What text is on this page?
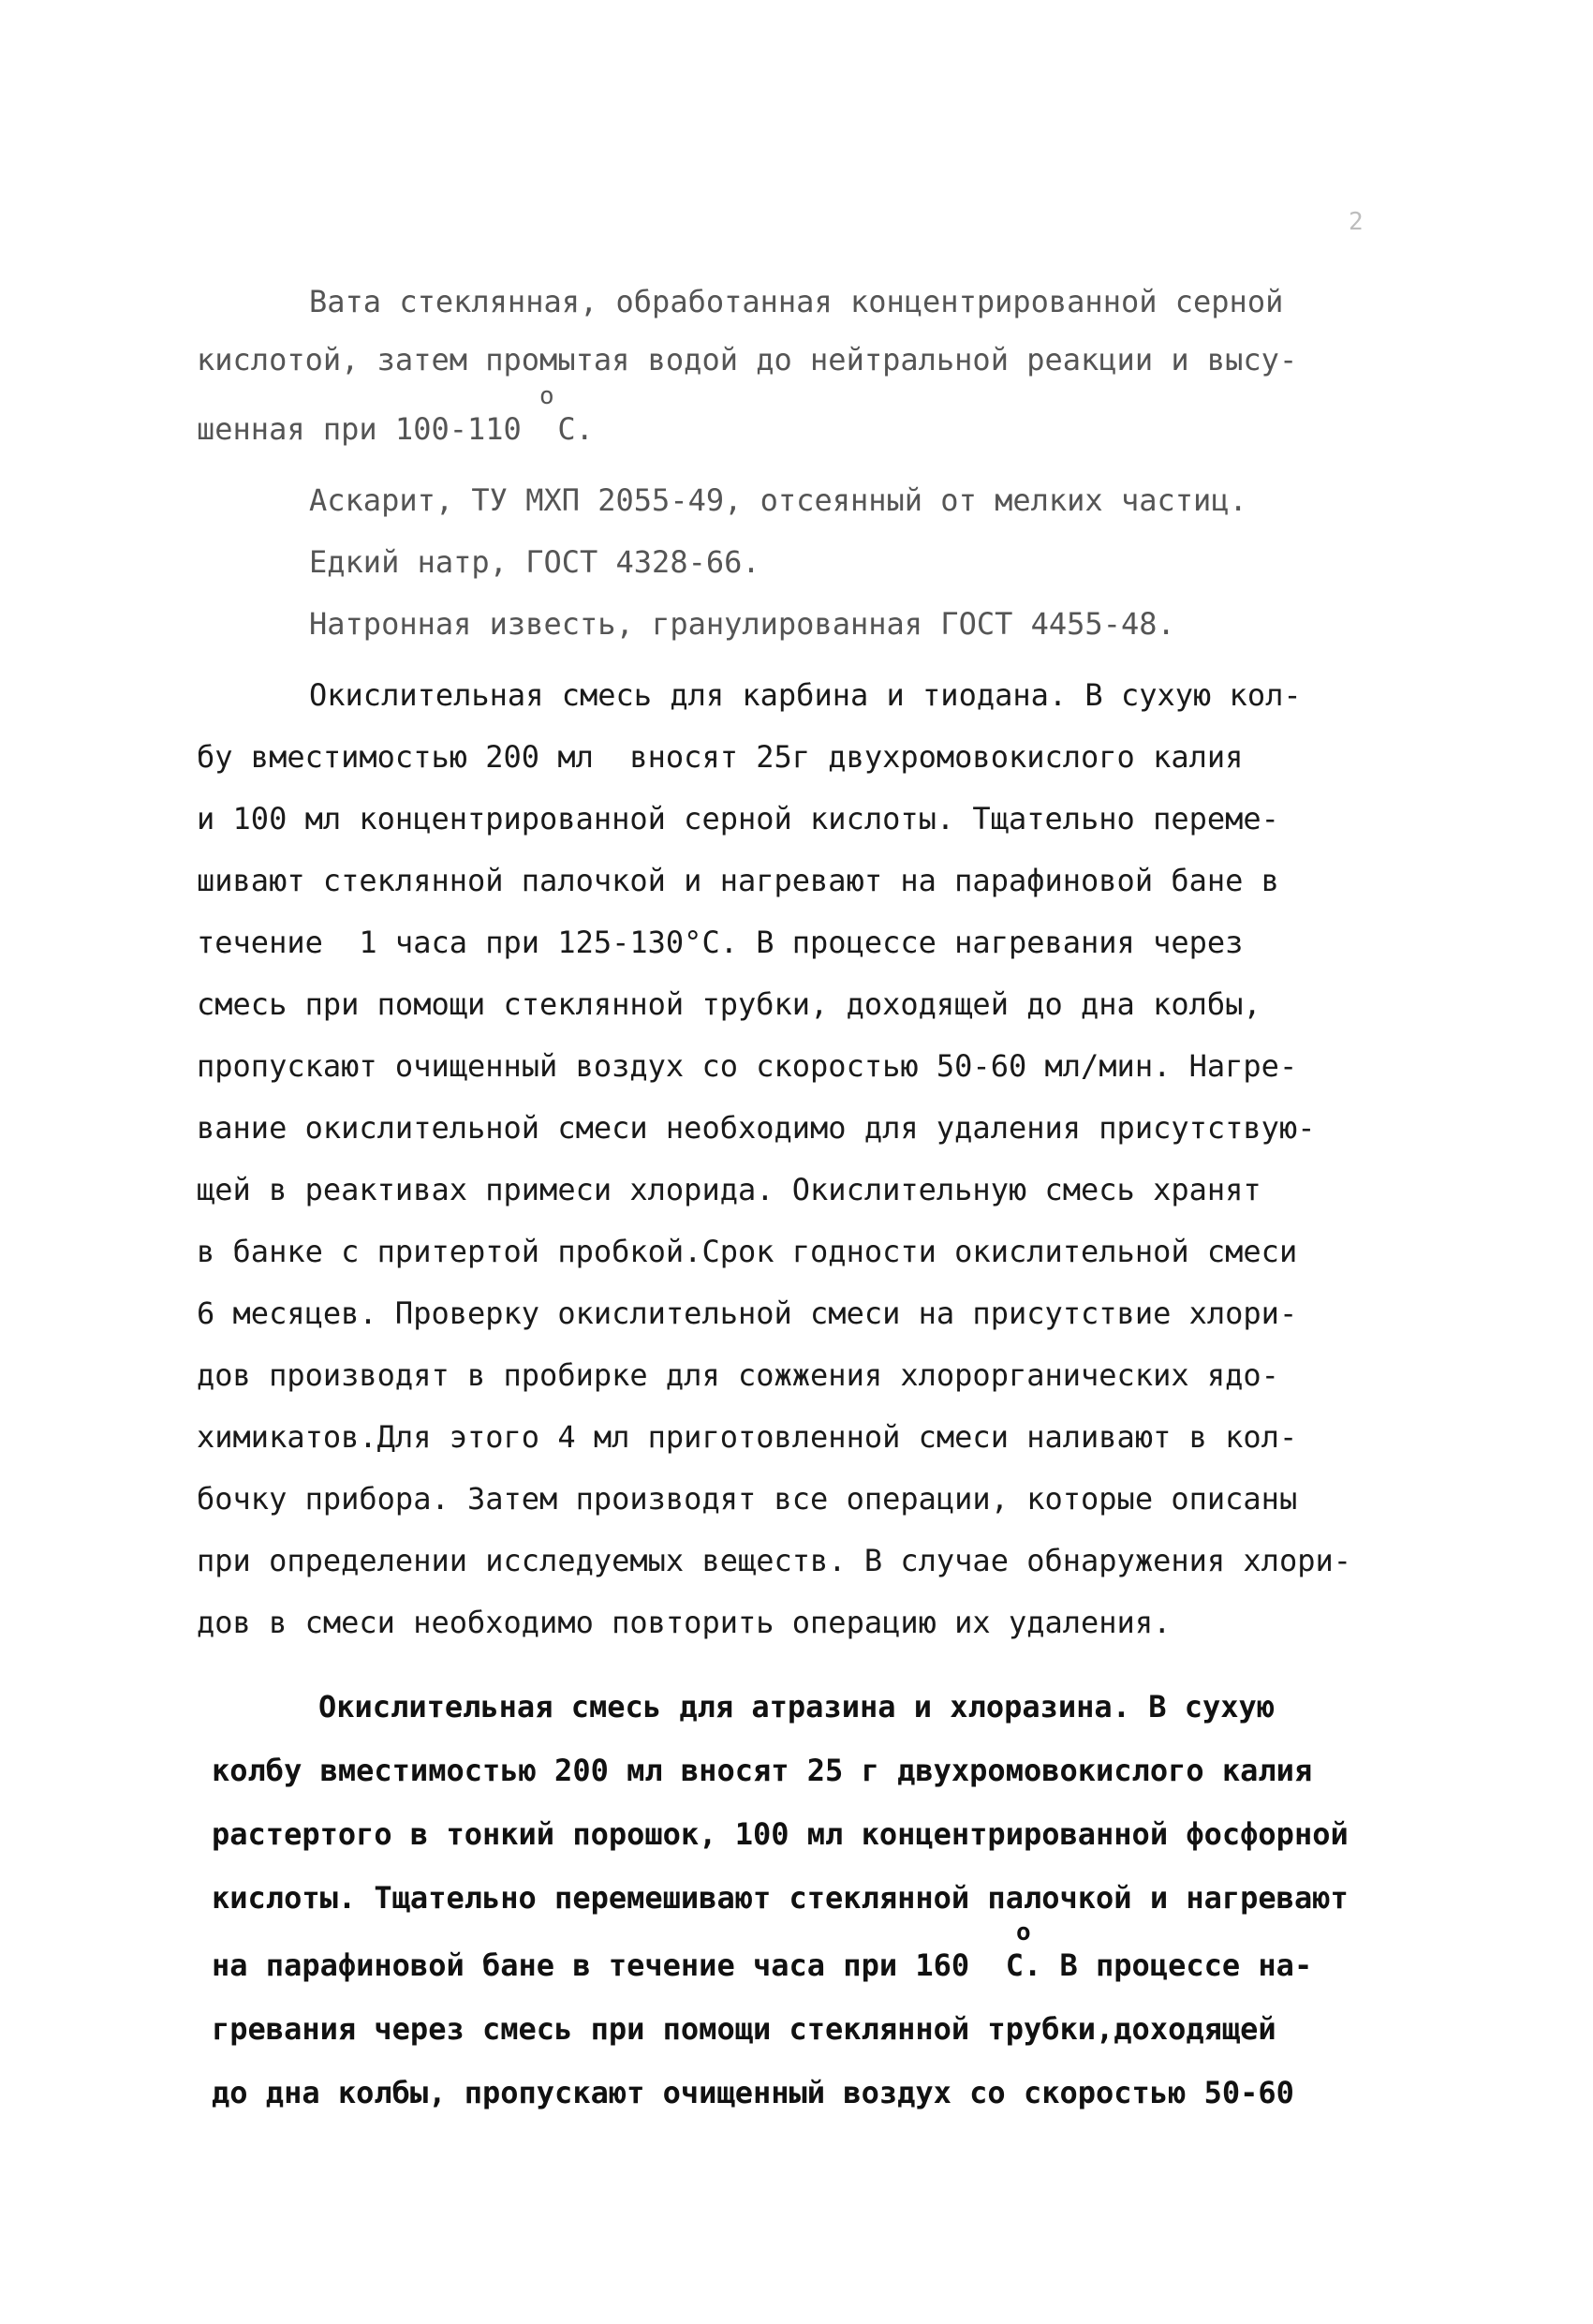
2
Вата стеклянная, обработанная концентрированной серной
кислотой, затем промытая водой до нейтральной реакции и высу-
шенная при 100-110  С.
о
Аскарит, ТУ МХП 2055-49, отсеянный от мелких частиц.
Едкий натр, ГОСТ 4328-66.
Натронная известь, гранулированная ГОСТ 4455-48.
Окислительная смесь для карбина и тиодана. В сухую кол-
бу вместимостью 200 мл  вносят 25г двухромовокислого калия
и 100 мл концентрированной серной кислоты. Тщательно переме-
шивают стеклянной палочкой и нагревают на парафиновой бане в
течение  1 часа при 125-130°С. В процессе нагревания через
смесь при помощи стеклянной трубки, доходящей до дна колбы,
пропускают очищенный воздух со скоростью 50-60 мл/мин. Нагре-
вание окислительной смеси необходимо для удаления присутствую-
щей в реактивах примеси хлорида. Окислительную смесь хранят
в банке с притертой пробкой.Срок годности окислительной смеси
6 месяцев. Проверку окислительной смеси на присутствие хлори-
дов производят в пробирке для сожжения хлорорганических ядо-
химикатов.Для этого 4 мл приготовленной смеси наливают в кол-
бочку прибора. Затем производят все операции, которые описаны
при определении исследуемых веществ. В случае обнаружения хлори-
дов в смеси необходимо повторить операцию их удаления.
Окислительная смесь для атразина и хлоразина. В сухую
колбу вместимостью 200 мл вносят 25 г двухромовокислого калия
растертого в тонкий порошок, 100 мл концентрированной фосфорной
кислоты. Тщательно перемешивают стеклянной палочкой и нагревают
на парафиновой бане в течение часа при 160  С. В процессе на-
о
гревания через смесь при помощи стеклянной трубки,доходящей
до дна колбы, пропускают очищенный воздух со скоростью 50-60
